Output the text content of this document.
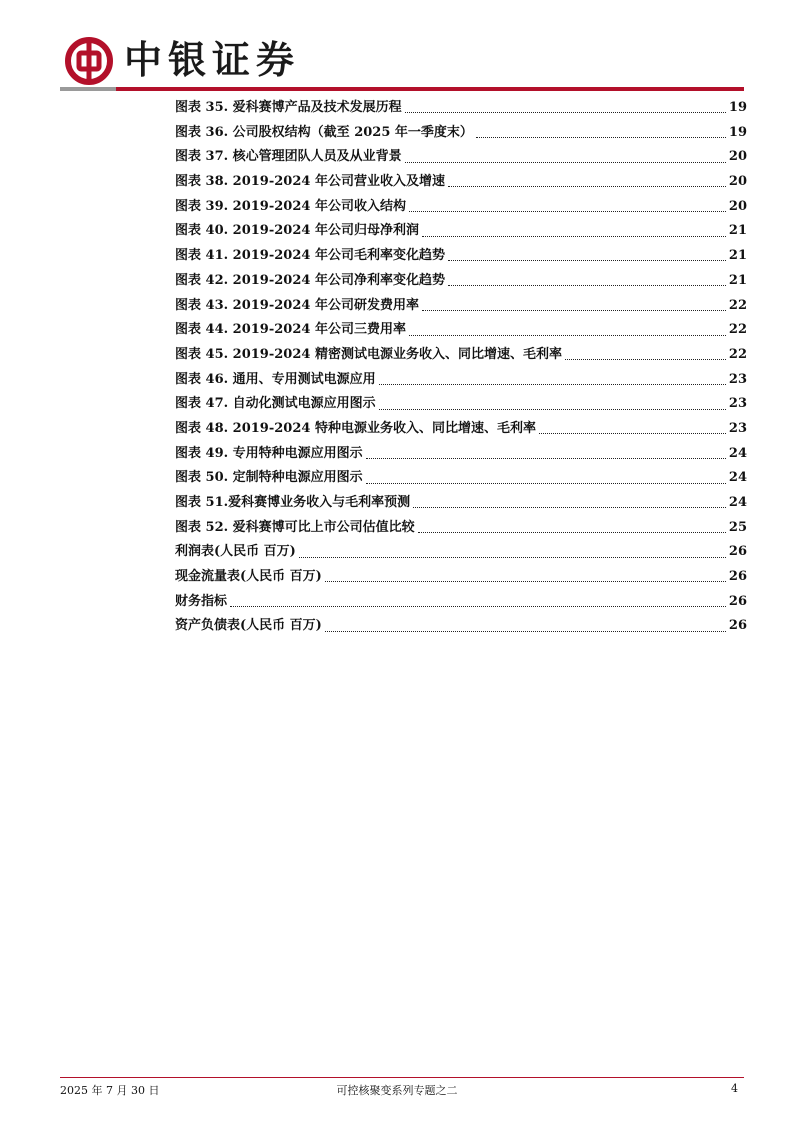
中银证券
图表 35. 爱科赛博产品及技术发展历程	19
图表 36. 公司股权结构（截至 2025 年一季度末）	19
图表 37. 核心管理团队人员及从业背景	20
图表 38. 2019-2024 年公司营业收入及增速	20
图表 39. 2019-2024 年公司收入结构	20
图表 40. 2019-2024 年公司归母净利润	21
图表 41. 2019-2024 年公司毛利率变化趋势	21
图表 42. 2019-2024 年公司净利率变化趋势	21
图表 43. 2019-2024 年公司研发费用率	22
图表 44. 2019-2024 年公司三费用率	22
图表 45. 2019-2024 精密测试电源业务收入、同比增速、毛利率	22
图表 46. 通用、专用测试电源应用	23
图表 47. 自动化测试电源应用图示	23
图表 48. 2019-2024 特种电源业务收入、同比增速、毛利率	23
图表 49. 专用特种电源应用图示	24
图表 50. 定制特种电源应用图示	24
图表 51.爱科赛博业务收入与毛利率预测	24
图表 52. 爱科赛博可比上市公司估值比较	25
利润表(人民币 百万)	26
现金流量表(人民币 百万)	26
财务指标	26
资产负债表(人民币 百万)	26
2025 年 7 月 30 日	可控核聚变系列专题之二	4
